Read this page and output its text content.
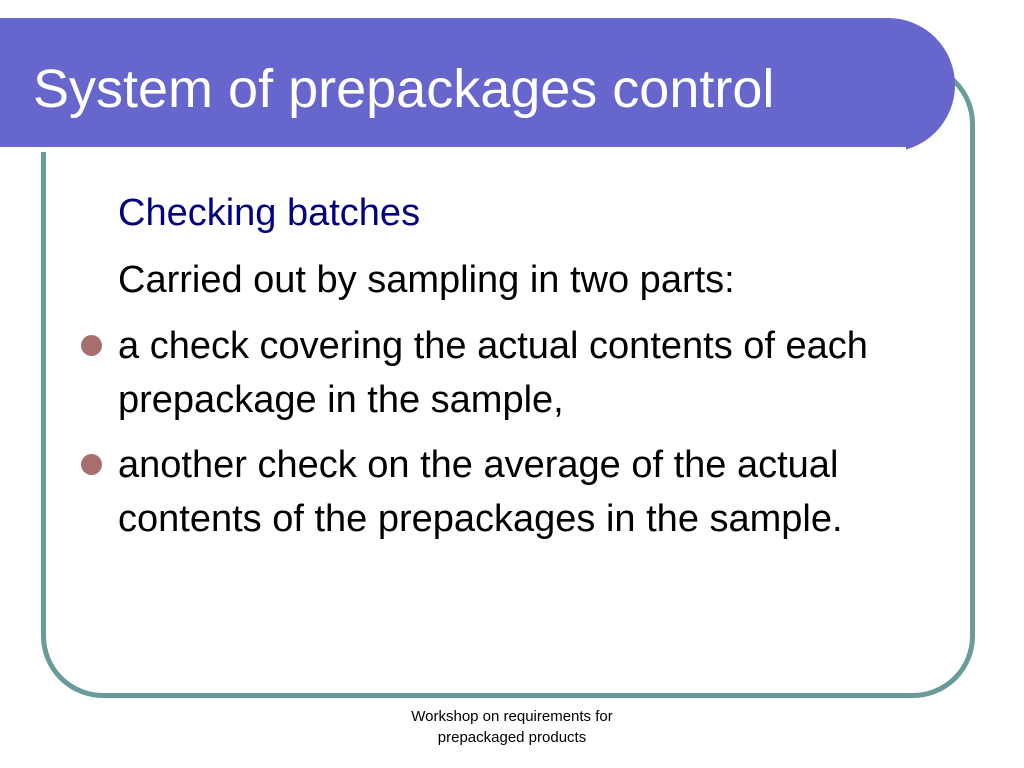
System of prepackages control

Checking batches

Carried out by sampling in two parts:

a check covering the actual contents of each prepackage in the sample,
another check on the average of the actual contents of the prepackages in the sample.
Workshop on requirements for
prepackaged products
